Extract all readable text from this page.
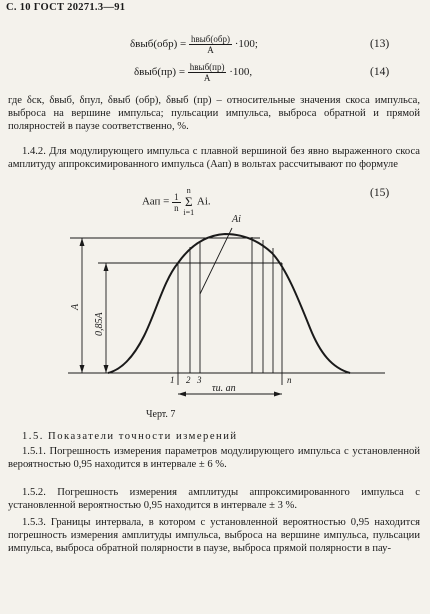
С. 10 ГОСТ 20271.3—91
$\delta выб(обр) = \frac{\text{hвыб(обр)}}{A} \cdot 100$;	(13)
$\delta выб(пр) = \frac{\text{hвыб(пр)}}{A} \cdot 100$,	(14)
где δск, δвыб, δпул, δвыб (обр), δвыб (пр) – относительные значения скоса импульса, выброса на вершине импульса; пульсации импульса, выброса обратной и прямой полярностей в паузе соответственно, %.
1.4.2. Для модулирующего импульса с плавной вершиной без явно выраженного скоса амплитуду аппроксимированного импульса (Аап) в вольтах рассчитывают по формуле
Аап = $\frac{1}{n}$

n
Σ
i=1
Ai.
(15)
Ai
A
0,85A
1 2 3	n
τи. ап
Черт. 7
1.5. Показатели точности измерений
1.5.1. Погрешность измерения параметров модулирующего импульса с установленной вероятностью 0,95 находится в интервале ± 6 %.
1.5.2. Погрешность измерения амплитуды аппроксимированного импульса с установленной вероятностью 0,95 находится в интервале ± 3 %.
1.5.3. Границы интервала, в котором с установленной вероятностью 0,95 находится погрешность измерения амплитуды импульса, выброса на вершине импульса, пульсации импульса, выброса обратной полярности в паузе, выброса прямой полярности в пау-
